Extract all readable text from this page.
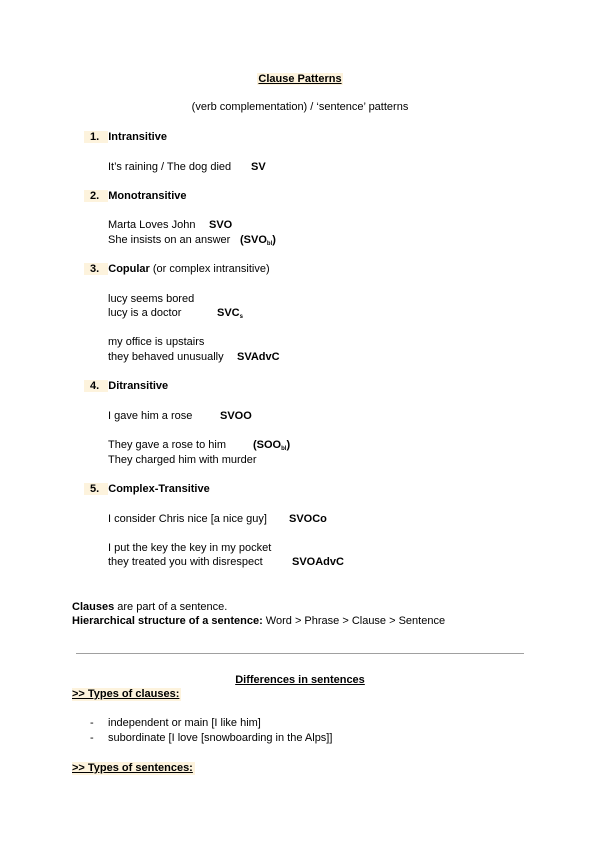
Clause Patterns
(verb complementation) / ‘sentence’ patterns
1. Intransitive
It’s raining / The dog died SV
2. Monotransitive
Marta Loves John SVO
She insists on an answer $(SVO_{bl})$
3. Copular (or complex intransitive)
lucy seems bored
lucy is a doctor	$SVC_s$
my office is upstairs
they behaved unusually SVAdvC
4. Ditransitive
I gave him a rose	SVOO
They gave a rose to him $(SOO_{bl})$
They charged him with murder
5. Complex-Transitive
I consider Chris nice [a nice guy] SVOCo
I put the key the key in my pocket
they treated you with disrespect	SVOAdvC
Clauses are part of a sentence.
Hierarchical structure of a sentence: Word > Phrase > Clause > Sentence
Differences in sentences
>> Types of clauses:
- independent or main [I like him]
- subordinate [I love [snowboarding in the Alps]]
>> Types of sentences:
